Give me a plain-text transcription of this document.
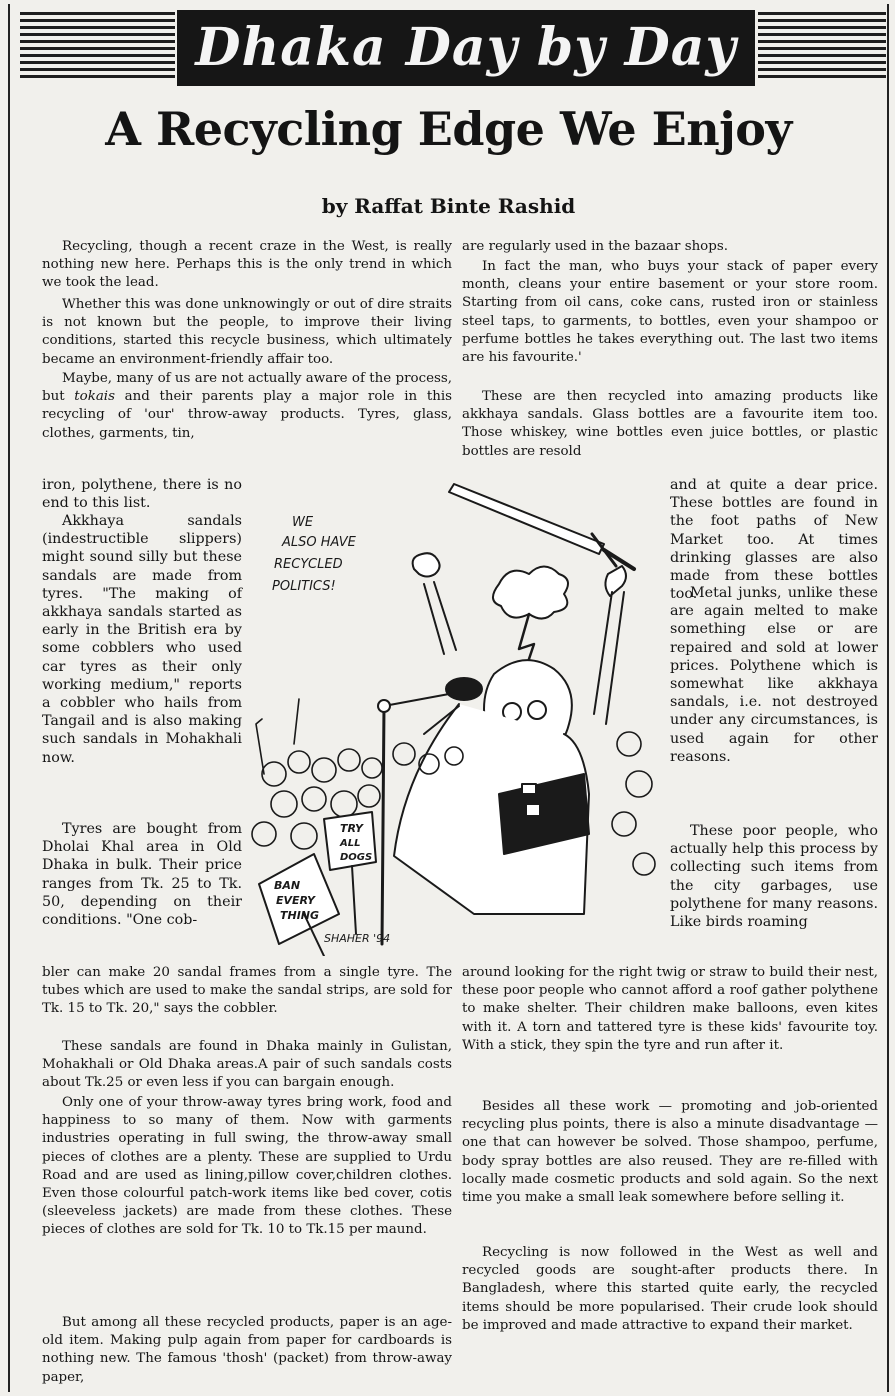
Dhaka Day by Day
A Recycling Edge We Enjoy
by Raffat Binte Rashid

Recycling, though a recent craze in the West, is really nothing new here. Perhaps this is the only trend in which we took the lead.

Whether this was done unknowingly or out of dire straits is not known but the people, to improve their living conditions, started this recycle business, which ultimately became an environment-friendly affair too.

Maybe, many of us are not actually aware of the process, but tokais and their parents play a major role in this recycling of 'our' throw-away products. Tyres, glass, clothes, garments, tin,

iron, polythene, there is no end to this list.

Akkhaya sandals (indestructible slippers) might sound silly but these sandals are made from tyres. "The making of akkhaya sandals started as early in the British era by some cobblers who used car tyres as their only working medium," reports a cobbler who hails from Tangail and is also making such sandals in Mohakhali now.

Tyres are bought from Dholai Khal area in Old Dhaka in bulk. Their price ranges from Tk. 25 to Tk. 50, depending on their conditions. "One cob-

bler can make 20 sandal frames from a single tyre. The tubes which are used to make the sandal strips, are sold for Tk. 15 to Tk. 20," says the cobbler.

These sandals are found in Dhaka mainly in Gulistan, Mohakhali or Old Dhaka areas.A pair of such sandals costs about Tk.25 or even less if you can bargain enough.

Only one of your throw-away tyres bring work, food and happiness to so many of them. Now with garments industries operating in full swing, the throw-away small pieces of clothes are a plenty. These are supplied to Urdu Road and are used as lining,pillow cover,children clothes. Even those colourful patch-work items like bed cover, cotis (sleeveless jackets) are made from these clothes. These pieces of clothes are sold for Tk. 10 to Tk.15 per maund.

But among all these recycled products, paper is an age-old item. Making pulp again from paper for cardboards is nothing new. The famous 'thosh' (packet) from throw-away paper,

are regularly used in the bazaar shops.

In fact the man, who buys your stack of paper every month, cleans your entire basement or your store room. Starting from oil cans, coke cans, rusted iron or stainless steel taps, to garments, to bottles, even your shampoo or perfume bottles he takes everything out. The last two items are his favourite.'

These are then recycled into amazing products like akkhaya sandals. Glass bottles are a favourite item too. Those whiskey, wine bottles even juice bottles, or plastic bottles are resold

and at quite a dear price. These bottles are found in the foot paths of New Market too. At times drinking glasses are also made from these bottles too.

Metal junks, unlike these are again melted to make something else or are repaired and sold at lower prices. Polythene which is somewhat like akkhaya sandals, i.e. not destroyed under any circumstances, is used again for other reasons.

These poor people, who actually help this process by collecting such items from the city garbages, use polythene for many reasons. Like birds roaming

around looking for the right twig or straw to build their nest, these poor people who cannot afford a roof gather polythene to make shelter. Their children make balloons, even kites with it. A torn and tattered tyre is these kids' favourite toy. With a stick, they spin the tyre and run after it.

Besides all these work — promoting and job-oriented recycling plus points, there is also a minute disadvantage — one that can however be solved. Those shampoo, perfume, body spray bottles are also reused. They are re-filled with locally made cosmetic products and sold again. So the next time you make a small leak somewhere before selling it.

Recycling is now followed in the West as well and recycled goods are sought-after products there. In Bangladesh, where this started quite early, the recycled items should be more popularised. Their crude look should be improved and made attractive to expand their market.

WE
ALSO HAVE
RECYCLED
POLITICS!
BAN
EVERY
THING
TRY
ALL
DOGS
SHAHER '94
